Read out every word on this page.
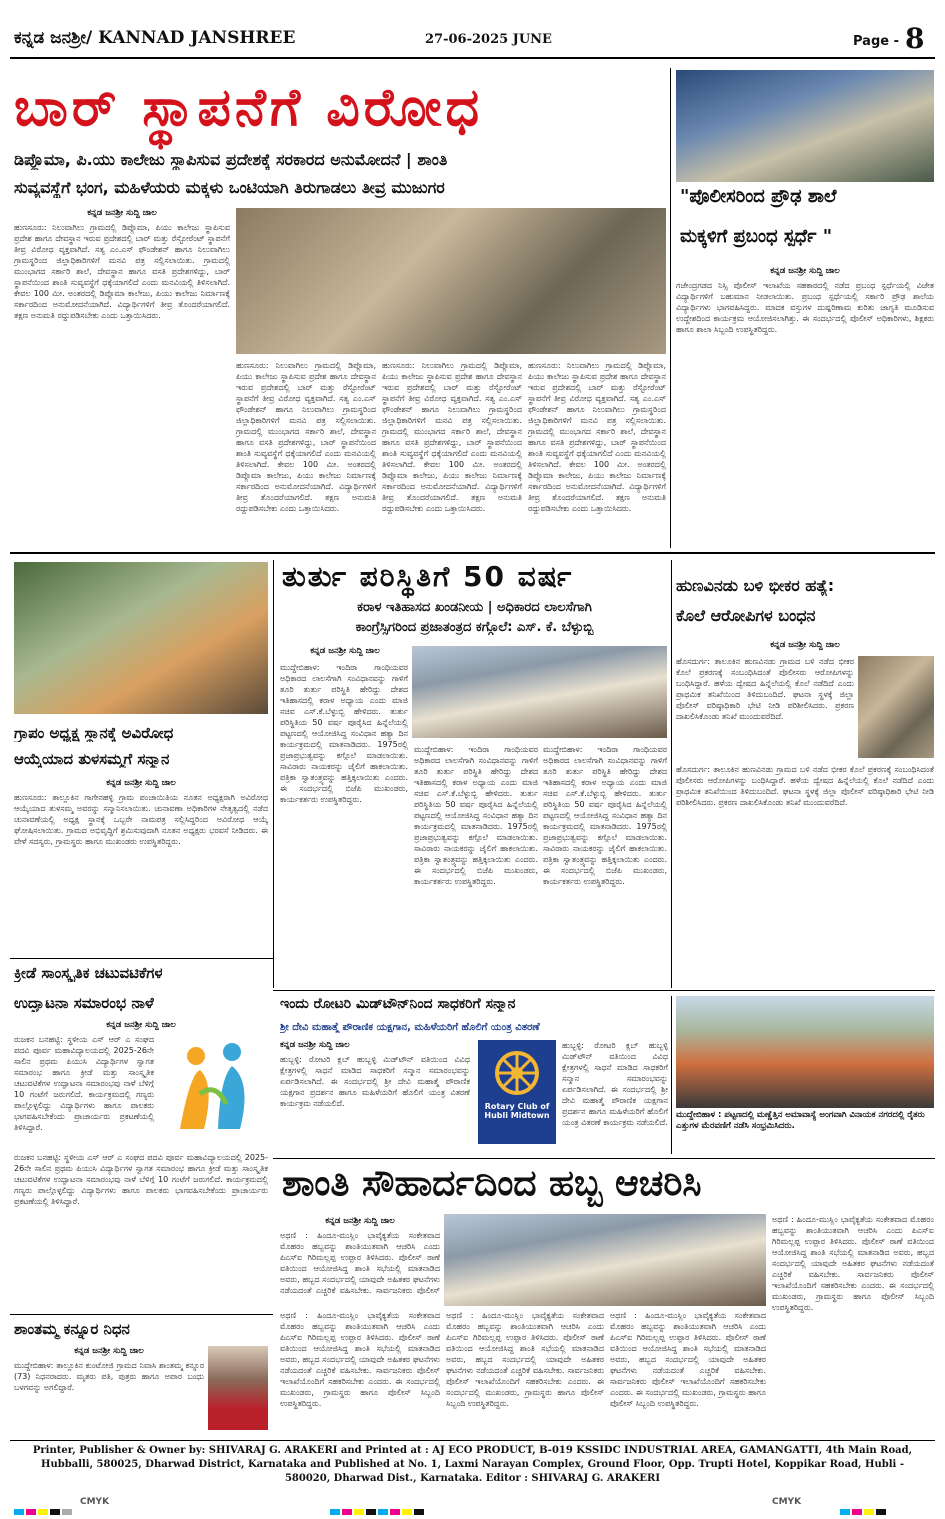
ಕನ್ನಡ ಜನಶ್ರೀ/ KANNAD JANSHREE	27-06-2025 JUNE	Page - 8
ಬಾರ್ ಸ್ಥಾಪನೆಗೆ ವಿರೋಧ
ಡಿಪ್ಲೊಮಾ, ಪಿ.ಯು ಕಾಲೇಜು ಸ್ಥಾಪಿಸುವ ಪ್ರದೇಶಕ್ಕೆ ಸರಕಾರದ ಅನುಮೋದನೆ | ಶಾಂತಿ
ಸುವ್ಯವಸ್ಥೆಗೆ ಭಂಗ, ಮಹಿಳೆಯರು ಮಕ್ಕಳು ಒಂಟಿಯಾಗಿ ತಿರುಗಾಡಲು ತೀವ್ರ ಮುಜುಗರ
ಕನ್ನಡ ಜನಶ್ರೀ ಸುದ್ದಿ ಜಾಲ
ಹುಣಸೂರು: ನಿಲುವಾಗಿಲು ಗ್ರಾಮದಲ್ಲಿ ಡಿಪ್ಲೊಮಾ, ಪಿಯು ಕಾಲೇಜು ಸ್ಥಾಪಿಸುವ ಪ್ರದೇಶ ಹಾಗೂ ದೇವಸ್ಥಾನ ಇರುವ ಪ್ರದೇಶದಲ್ಲಿ ಬಾರ್ ಮತ್ತು ರೆಸ್ಟೋರೆಂಟ್ ಸ್ಥಾಪನೆಗೆ ತೀವ್ರ ವಿರೋಧ ವ್ಯಕ್ತವಾಗಿದೆ. ಸತ್ಯ ಎಂ.ಎಸ್ ಫೌಂಡೇಶನ್ ಹಾಗೂ ನಿಲುವಾಗಿಲು ಗ್ರಾಮಸ್ಥರಿಂದ ಜಿಲ್ಲಾಧಿಕಾರಿಗಳಿಗೆ ಮನವಿ ಪತ್ರ ಸಲ್ಲಿಸಲಾಯಿತು. ಗ್ರಾಮದಲ್ಲಿ ಮುಂಭಾಗದ ಸರ್ಕಾರಿ ಶಾಲೆ, ದೇವಸ್ಥಾನ ಹಾಗೂ ವಸತಿ ಪ್ರದೇಶಗಳಿದ್ದು, ಬಾರ್ ಸ್ಥಾಪನೆಯಿಂದ ಶಾಂತಿ ಸುವ್ಯವಸ್ಥೆಗೆ ಧಕ್ಕೆಯಾಗಲಿದೆ ಎಂದು ಮನವಿಯಲ್ಲಿ ತಿಳಿಸಲಾಗಿದೆ. ಕೇವಲ 100 ಮೀ. ಅಂತರದಲ್ಲಿ ಡಿಪ್ಲೊಮಾ ಕಾಲೇಜು, ಪಿಯು ಕಾಲೇಜು ನಿರ್ಮಾಣಕ್ಕೆ ಸರ್ಕಾರದಿಂದ ಅನುಮೋದನೆಯಾಗಿದೆ. ವಿದ್ಯಾರ್ಥಿಗಳಿಗೆ ತೀವ್ರ ತೊಂದರೆಯಾಗಲಿದೆ. ತಕ್ಷಣ ಅನುಮತಿ ರದ್ದುಪಡಿಸಬೇಕು ಎಂದು ಒತ್ತಾಯಿಸಿದರು.
ಹುಣಸೂರು: ನಿಲುವಾಗಿಲು ಗ್ರಾಮದಲ್ಲಿ ಡಿಪ್ಲೊಮಾ, ಪಿಯು ಕಾಲೇಜು ಸ್ಥಾಪಿಸುವ ಪ್ರದೇಶ ಹಾಗೂ ದೇವಸ್ಥಾನ ಇರುವ ಪ್ರದೇಶದಲ್ಲಿ ಬಾರ್ ಮತ್ತು ರೆಸ್ಟೋರೆಂಟ್ ಸ್ಥಾಪನೆಗೆ ತೀವ್ರ ವಿರೋಧ ವ್ಯಕ್ತವಾಗಿದೆ. ಸತ್ಯ ಎಂ.ಎಸ್ ಫೌಂಡೇಶನ್ ಹಾಗೂ ನಿಲುವಾಗಿಲು ಗ್ರಾಮಸ್ಥರಿಂದ ಜಿಲ್ಲಾಧಿಕಾರಿಗಳಿಗೆ ಮನವಿ ಪತ್ರ ಸಲ್ಲಿಸಲಾಯಿತು. ಗ್ರಾಮದಲ್ಲಿ ಮುಂಭಾಗದ ಸರ್ಕಾರಿ ಶಾಲೆ, ದೇವಸ್ಥಾನ ಹಾಗೂ ವಸತಿ ಪ್ರದೇಶಗಳಿದ್ದು, ಬಾರ್ ಸ್ಥಾಪನೆಯಿಂದ ಶಾಂತಿ ಸುವ್ಯವಸ್ಥೆಗೆ ಧಕ್ಕೆಯಾಗಲಿದೆ ಎಂದು ಮನವಿಯಲ್ಲಿ ತಿಳಿಸಲಾಗಿದೆ. ಕೇವಲ 100 ಮೀ. ಅಂತರದಲ್ಲಿ ಡಿಪ್ಲೊಮಾ ಕಾಲೇಜು, ಪಿಯು ಕಾಲೇಜು ನಿರ್ಮಾಣಕ್ಕೆ ಸರ್ಕಾರದಿಂದ ಅನುಮೋದನೆಯಾಗಿದೆ. ವಿದ್ಯಾರ್ಥಿಗಳಿಗೆ ತೀವ್ರ ತೊಂದರೆಯಾಗಲಿದೆ. ತಕ್ಷಣ ಅನುಮತಿ ರದ್ದುಪಡಿಸಬೇಕು ಎಂದು ಒತ್ತಾಯಿಸಿದರು.
ಹುಣಸೂರು: ನಿಲುವಾಗಿಲು ಗ್ರಾಮದಲ್ಲಿ ಡಿಪ್ಲೊಮಾ, ಪಿಯು ಕಾಲೇಜು ಸ್ಥಾಪಿಸುವ ಪ್ರದೇಶ ಹಾಗೂ ದೇವಸ್ಥಾನ ಇರುವ ಪ್ರದೇಶದಲ್ಲಿ ಬಾರ್ ಮತ್ತು ರೆಸ್ಟೋರೆಂಟ್ ಸ್ಥಾಪನೆಗೆ ತೀವ್ರ ವಿರೋಧ ವ್ಯಕ್ತವಾಗಿದೆ. ಸತ್ಯ ಎಂ.ಎಸ್ ಫೌಂಡೇಶನ್ ಹಾಗೂ ನಿಲುವಾಗಿಲು ಗ್ರಾಮಸ್ಥರಿಂದ ಜಿಲ್ಲಾಧಿಕಾರಿಗಳಿಗೆ ಮನವಿ ಪತ್ರ ಸಲ್ಲಿಸಲಾಯಿತು. ಗ್ರಾಮದಲ್ಲಿ ಮುಂಭಾಗದ ಸರ್ಕಾರಿ ಶಾಲೆ, ದೇವಸ್ಥಾನ ಹಾಗೂ ವಸತಿ ಪ್ರದೇಶಗಳಿದ್ದು, ಬಾರ್ ಸ್ಥಾಪನೆಯಿಂದ ಶಾಂತಿ ಸುವ್ಯವಸ್ಥೆಗೆ ಧಕ್ಕೆಯಾಗಲಿದೆ ಎಂದು ಮನವಿಯಲ್ಲಿ ತಿಳಿಸಲಾಗಿದೆ. ಕೇವಲ 100 ಮೀ. ಅಂತರದಲ್ಲಿ ಡಿಪ್ಲೊಮಾ ಕಾಲೇಜು, ಪಿಯು ಕಾಲೇಜು ನಿರ್ಮಾಣಕ್ಕೆ ಸರ್ಕಾರದಿಂದ ಅನುಮೋದನೆಯಾಗಿದೆ. ವಿದ್ಯಾರ್ಥಿಗಳಿಗೆ ತೀವ್ರ ತೊಂದರೆಯಾಗಲಿದೆ. ತಕ್ಷಣ ಅನುಮತಿ ರದ್ದುಪಡಿಸಬೇಕು ಎಂದು ಒತ್ತಾಯಿಸಿದರು.
ಹುಣಸೂರು: ನಿಲುವಾಗಿಲು ಗ್ರಾಮದಲ್ಲಿ ಡಿಪ್ಲೊಮಾ, ಪಿಯು ಕಾಲೇಜು ಸ್ಥಾಪಿಸುವ ಪ್ರದೇಶ ಹಾಗೂ ದೇವಸ್ಥಾನ ಇರುವ ಪ್ರದೇಶದಲ್ಲಿ ಬಾರ್ ಮತ್ತು ರೆಸ್ಟೋರೆಂಟ್ ಸ್ಥಾಪನೆಗೆ ತೀವ್ರ ವಿರೋಧ ವ್ಯಕ್ತವಾಗಿದೆ. ಸತ್ಯ ಎಂ.ಎಸ್ ಫೌಂಡೇಶನ್ ಹಾಗೂ ನಿಲುವಾಗಿಲು ಗ್ರಾಮಸ್ಥರಿಂದ ಜಿಲ್ಲಾಧಿಕಾರಿಗಳಿಗೆ ಮನವಿ ಪತ್ರ ಸಲ್ಲಿಸಲಾಯಿತು. ಗ್ರಾಮದಲ್ಲಿ ಮುಂಭಾಗದ ಸರ್ಕಾರಿ ಶಾಲೆ, ದೇವಸ್ಥಾನ ಹಾಗೂ ವಸತಿ ಪ್ರದೇಶಗಳಿದ್ದು, ಬಾರ್ ಸ್ಥಾಪನೆಯಿಂದ ಶಾಂತಿ ಸುವ್ಯವಸ್ಥೆಗೆ ಧಕ್ಕೆಯಾಗಲಿದೆ ಎಂದು ಮನವಿಯಲ್ಲಿ ತಿಳಿಸಲಾಗಿದೆ. ಕೇವಲ 100 ಮೀ. ಅಂತರದಲ್ಲಿ ಡಿಪ್ಲೊಮಾ ಕಾಲೇಜು, ಪಿಯು ಕಾಲೇಜು ನಿರ್ಮಾಣಕ್ಕೆ ಸರ್ಕಾರದಿಂದ ಅನುಮೋದನೆಯಾಗಿದೆ. ವಿದ್ಯಾರ್ಥಿಗಳಿಗೆ ತೀವ್ರ ತೊಂದರೆಯಾಗಲಿದೆ. ತಕ್ಷಣ ಅನುಮತಿ ರದ್ದುಪಡಿಸಬೇಕು ಎಂದು ಒತ್ತಾಯಿಸಿದರು.
"ಪೊಲೀಸರಿಂದ ಪ್ರೌಢ ಶಾಲೆ
ಮಕ್ಕಳಿಗೆ ಪ್ರಬಂಧ ಸ್ಪರ್ಧೆ "
ಕನ್ನಡ ಜನಶ್ರೀ ಸುದ್ದಿ ಜಾಲ
ಗಜೇಂದ್ರಗಡದ ನಿಸ್ಸಿ ಪೊಲೀಸ್ ಇಲಾಖೆಯ ಸಹಕಾರದಲ್ಲಿ ನಡೆದ ಪ್ರಬಂಧ ಸ್ಪರ್ಧೆಯಲ್ಲಿ ವಿಜೇತ ವಿದ್ಯಾರ್ಥಿಗಳಿಗೆ ಬಹುಮಾನ ನೀಡಲಾಯಿತು. ಪ್ರಬಂಧ ಸ್ಪರ್ಧೆಯಲ್ಲಿ ಸರ್ಕಾರಿ ಪ್ರೌಢ ಶಾಲೆಯ ವಿದ್ಯಾರ್ಥಿಗಳು ಭಾಗವಹಿಸಿದ್ದರು. ಮಾದಕ ವಸ್ತುಗಳ ದುಷ್ಪರಿಣಾಮ ಕುರಿತು ಜಾಗೃತಿ ಮೂಡಿಸುವ ಉದ್ದೇಶದಿಂದ ಕಾರ್ಯಕ್ರಮ ಆಯೋಜಿಸಲಾಗಿತ್ತು. ಈ ಸಂದರ್ಭದಲ್ಲಿ ಪೊಲೀಸ್ ಅಧಿಕಾರಿಗಳು, ಶಿಕ್ಷಕರು ಹಾಗೂ ಶಾಲಾ ಸಿಬ್ಬಂದಿ ಉಪಸ್ಥಿತರಿದ್ದರು.
ಗ್ರಾಪಂ ಅಧ್ಯಕ್ಷ ಸ್ಥಾನಕ್ಕೆ ಅವಿರೋಧ
ಆಯ್ಕೆಯಾದ ತುಳಸಮ್ಮಗೆ ಸನ್ಮಾನ
ಕನ್ನಡ ಜನಶ್ರೀ ಸುದ್ದಿ ಜಾಲ
ಹುಣಸೂರು: ತಾಲ್ಲೂಕಿನ ಗಾಗೇನಹಳ್ಳಿ ಗ್ರಾಮ ಪಂಚಾಯಿತಿಯ ನೂತನ ಅಧ್ಯಕ್ಷರಾಗಿ ಅವಿರೋಧ ಆಯ್ಕೆಯಾದ ತುಳಸಮ್ಮ ಅವರನ್ನು ಸನ್ಮಾನಿಸಲಾಯಿತು. ಚುನಾವಣಾ ಅಧಿಕಾರಿಗಳ ನೇತೃತ್ವದಲ್ಲಿ ನಡೆದ ಚುನಾವಣೆಯಲ್ಲಿ ಅಧ್ಯಕ್ಷ ಸ್ಥಾನಕ್ಕೆ ಒಬ್ಬರೇ ನಾಮಪತ್ರ ಸಲ್ಲಿಸಿದ್ದರಿಂದ ಅವಿರೋಧ ಆಯ್ಕೆ ಘೋಷಿಸಲಾಯಿತು. ಗ್ರಾಮದ ಅಭಿವೃದ್ಧಿಗೆ ಶ್ರಮಿಸುವುದಾಗಿ ನೂತನ ಅಧ್ಯಕ್ಷರು ಭರವಸೆ ನೀಡಿದರು. ಈ ವೇಳೆ ಸದಸ್ಯರು, ಗ್ರಾಮಸ್ಥರು ಹಾಗೂ ಮುಖಂಡರು ಉಪಸ್ಥಿತರಿದ್ದರು.
ತುರ್ತು ಪರಿಸ್ಥಿತಿಗೆ 50 ವರ್ಷ
ಕರಾಳ ಇತಿಹಾಸದ ಖಂಡನೀಯ | ಅಧಿಕಾರದ ಲಾಲಸೆಗಾಗಿ
ಕಾಂಗ್ರೆಸ್ಸಿಗರಿಂದ ಪ್ರಜಾತಂತ್ರದ ಕಗ್ಗೊಲೆ: ಎಸ್. ಕೆ. ಬೆಳ್ಳುಬ್ಬಿ
ಕನ್ನಡ ಜನಶ್ರೀ ಸುದ್ದಿ ಜಾಲ
ಮುದ್ದೇಬಿಹಾಳ: ಇಂದಿರಾ ಗಾಂಧಿಯವರ ಅಧಿಕಾರದ ಲಾಲಸೆಗಾಗಿ ಸಂವಿಧಾನವನ್ನು ಗಾಳಿಗೆ ತೂರಿ ತುರ್ತು ಪರಿಸ್ಥಿತಿ ಹೇರಿದ್ದು ದೇಶದ ಇತಿಹಾಸದಲ್ಲಿ ಕರಾಳ ಅಧ್ಯಾಯ ಎಂದು ಮಾಜಿ ಸಚಿವ ಎಸ್.ಕೆ.ಬೆಳ್ಳುಬ್ಬಿ ಹೇಳಿದರು. ತುರ್ತು ಪರಿಸ್ಥಿತಿಯ 50 ವರ್ಷ ಪೂರೈಸಿದ ಹಿನ್ನೆಲೆಯಲ್ಲಿ ಪಟ್ಟಣದಲ್ಲಿ ಆಯೋಜಿಸಿದ್ದ ಸಂವಿಧಾನ ಹತ್ಯಾ ದಿನ ಕಾರ್ಯಕ್ರಮದಲ್ಲಿ ಮಾತನಾಡಿದರು. 1975ರಲ್ಲಿ ಪ್ರಜಾಪ್ರಭುತ್ವವನ್ನು ಕಗ್ಗೊಲೆ ಮಾಡಲಾಯಿತು. ಸಾವಿರಾರು ನಾಯಕರನ್ನು ಜೈಲಿಗೆ ಹಾಕಲಾಯಿತು. ಪತ್ರಿಕಾ ಸ್ವಾತಂತ್ರ್ಯವನ್ನು ಹತ್ತಿಕ್ಕಲಾಯಿತು ಎಂದರು. ಈ ಸಂದರ್ಭದಲ್ಲಿ ಬಿಜೆಪಿ ಮುಖಂಡರು, ಕಾರ್ಯಕರ್ತರು ಉಪಸ್ಥಿತರಿದ್ದರು.
ಮುದ್ದೇಬಿಹಾಳ: ಇಂದಿರಾ ಗಾಂಧಿಯವರ ಅಧಿಕಾರದ ಲಾಲಸೆಗಾಗಿ ಸಂವಿಧಾನವನ್ನು ಗಾಳಿಗೆ ತೂರಿ ತುರ್ತು ಪರಿಸ್ಥಿತಿ ಹೇರಿದ್ದು ದೇಶದ ಇತಿಹಾಸದಲ್ಲಿ ಕರಾಳ ಅಧ್ಯಾಯ ಎಂದು ಮಾಜಿ ಸಚಿವ ಎಸ್.ಕೆ.ಬೆಳ್ಳುಬ್ಬಿ ಹೇಳಿದರು. ತುರ್ತು ಪರಿಸ್ಥಿತಿಯ 50 ವರ್ಷ ಪೂರೈಸಿದ ಹಿನ್ನೆಲೆಯಲ್ಲಿ ಪಟ್ಟಣದಲ್ಲಿ ಆಯೋಜಿಸಿದ್ದ ಸಂವಿಧಾನ ಹತ್ಯಾ ದಿನ ಕಾರ್ಯಕ್ರಮದಲ್ಲಿ ಮಾತನಾಡಿದರು. 1975ರಲ್ಲಿ ಪ್ರಜಾಪ್ರಭುತ್ವವನ್ನು ಕಗ್ಗೊಲೆ ಮಾಡಲಾಯಿತು. ಸಾವಿರಾರು ನಾಯಕರನ್ನು ಜೈಲಿಗೆ ಹಾಕಲಾಯಿತು. ಪತ್ರಿಕಾ ಸ್ವಾತಂತ್ರ್ಯವನ್ನು ಹತ್ತಿಕ್ಕಲಾಯಿತು ಎಂದರು. ಈ ಸಂದರ್ಭದಲ್ಲಿ ಬಿಜೆಪಿ ಮುಖಂಡರು, ಕಾರ್ಯಕರ್ತರು ಉಪಸ್ಥಿತರಿದ್ದರು.
ಮುದ್ದೇಬಿಹಾಳ: ಇಂದಿರಾ ಗಾಂಧಿಯವರ ಅಧಿಕಾರದ ಲಾಲಸೆಗಾಗಿ ಸಂವಿಧಾನವನ್ನು ಗಾಳಿಗೆ ತೂರಿ ತುರ್ತು ಪರಿಸ್ಥಿತಿ ಹೇರಿದ್ದು ದೇಶದ ಇತಿಹಾಸದಲ್ಲಿ ಕರಾಳ ಅಧ್ಯಾಯ ಎಂದು ಮಾಜಿ ಸಚಿವ ಎಸ್.ಕೆ.ಬೆಳ್ಳುಬ್ಬಿ ಹೇಳಿದರು. ತುರ್ತು ಪರಿಸ್ಥಿತಿಯ 50 ವರ್ಷ ಪೂರೈಸಿದ ಹಿನ್ನೆಲೆಯಲ್ಲಿ ಪಟ್ಟಣದಲ್ಲಿ ಆಯೋಜಿಸಿದ್ದ ಸಂವಿಧಾನ ಹತ್ಯಾ ದಿನ ಕಾರ್ಯಕ್ರಮದಲ್ಲಿ ಮಾತನಾಡಿದರು. 1975ರಲ್ಲಿ ಪ್ರಜಾಪ್ರಭುತ್ವವನ್ನು ಕಗ್ಗೊಲೆ ಮಾಡಲಾಯಿತು. ಸಾವಿರಾರು ನಾಯಕರನ್ನು ಜೈಲಿಗೆ ಹಾಕಲಾಯಿತು. ಪತ್ರಿಕಾ ಸ್ವಾತಂತ್ರ್ಯವನ್ನು ಹತ್ತಿಕ್ಕಲಾಯಿತು ಎಂದರು. ಈ ಸಂದರ್ಭದಲ್ಲಿ ಬಿಜೆಪಿ ಮುಖಂಡರು, ಕಾರ್ಯಕರ್ತರು ಉಪಸ್ಥಿತರಿದ್ದರು.
ಹುಣವಿನಡು ಬಳಿ ಭೀಕರ ಹತ್ಯೆ:
ಕೊಲೆ ಆರೋಪಿಗಳ ಬಂಧನ
ಕನ್ನಡ ಜನಶ್ರೀ ಸುದ್ದಿ ಜಾಲ
ಹೊಸದುರ್ಗ: ತಾಲೂಕಿನ ಹುಣವಿನಡು ಗ್ರಾಮದ ಬಳಿ ನಡೆದ ಭೀಕರ ಕೊಲೆ ಪ್ರಕರಣಕ್ಕೆ ಸಂಬಂಧಿಸಿದಂತೆ ಪೊಲೀಸರು ಆರೋಪಿಗಳನ್ನು ಬಂಧಿಸಿದ್ದಾರೆ. ಹಳೆಯ ದ್ವೇಷದ ಹಿನ್ನೆಲೆಯಲ್ಲಿ ಕೊಲೆ ನಡೆದಿದೆ ಎಂದು ಪ್ರಾಥಮಿಕ ತನಿಖೆಯಿಂದ ತಿಳಿದುಬಂದಿದೆ. ಘಟನಾ ಸ್ಥಳಕ್ಕೆ ಜಿಲ್ಲಾ ಪೊಲೀಸ್ ವರಿಷ್ಠಾಧಿಕಾರಿ ಭೇಟಿ ನೀಡಿ ಪರಿಶೀಲಿಸಿದರು. ಪ್ರಕರಣ ದಾಖಲಿಸಿಕೊಂಡು ತನಿಖೆ ಮುಂದುವರೆದಿದೆ.
ಹೊಸದುರ್ಗ: ತಾಲೂಕಿನ ಹುಣವಿನಡು ಗ್ರಾಮದ ಬಳಿ ನಡೆದ ಭೀಕರ ಕೊಲೆ ಪ್ರಕರಣಕ್ಕೆ ಸಂಬಂಧಿಸಿದಂತೆ ಪೊಲೀಸರು ಆರೋಪಿಗಳನ್ನು ಬಂಧಿಸಿದ್ದಾರೆ. ಹಳೆಯ ದ್ವೇಷದ ಹಿನ್ನೆಲೆಯಲ್ಲಿ ಕೊಲೆ ನಡೆದಿದೆ ಎಂದು ಪ್ರಾಥಮಿಕ ತನಿಖೆಯಿಂದ ತಿಳಿದುಬಂದಿದೆ. ಘಟನಾ ಸ್ಥಳಕ್ಕೆ ಜಿಲ್ಲಾ ಪೊಲೀಸ್ ವರಿಷ್ಠಾಧಿಕಾರಿ ಭೇಟಿ ನೀಡಿ ಪರಿಶೀಲಿಸಿದರು. ಪ್ರಕರಣ ದಾಖಲಿಸಿಕೊಂಡು ತನಿಖೆ ಮುಂದುವರೆದಿದೆ.
ಕ್ರೀಡೆ ಸಾಂಸ್ಕೃತಿಕ ಚಟುವಟಿಕೆಗಳ
ಉದ್ಘಾಟನಾ ಸಮಾರಂಭ ನಾಳೆ
ಕನ್ನಡ ಜನಶ್ರೀ ಸುದ್ದಿ ಜಾಲ
ರುಜಕನ ಬನಹಟ್ಟಿ: ಸ್ಥಳೀಯ ಎಸ್ ಆರ್ ಎ ಸಂಘದ ಪದವಿ ಪೂರ್ವ ಮಹಾವಿದ್ಯಾಲಯದಲ್ಲಿ 2025-26ನೇ ಸಾಲಿನ ಪ್ರಥಮ ಪಿಯುಸಿ ವಿದ್ಯಾರ್ಥಿಗಳ ಸ್ವಾಗತ ಸಮಾರಂಭ ಹಾಗೂ ಕ್ರೀಡೆ ಮತ್ತು ಸಾಂಸ್ಕೃತಿಕ ಚಟುವಟಿಕೆಗಳ ಉದ್ಘಾಟನಾ ಸಮಾರಂಭವು ನಾಳೆ ಬೆಳಿಗ್ಗೆ 10 ಗಂಟೆಗೆ ಜರುಗಲಿದೆ. ಕಾರ್ಯಕ್ರಮದಲ್ಲಿ ಗಣ್ಯರು ಪಾಲ್ಗೊಳ್ಳಲಿದ್ದು ವಿದ್ಯಾರ್ಥಿಗಳು ಹಾಗೂ ಪಾಲಕರು ಭಾಗವಹಿಸಬೇಕೆಂದು ಪ್ರಾಚಾರ್ಯರು ಪ್ರಕಟಣೆಯಲ್ಲಿ ತಿಳಿಸಿದ್ದಾರೆ.
ರುಜಕನ ಬನಹಟ್ಟಿ: ಸ್ಥಳೀಯ ಎಸ್ ಆರ್ ಎ ಸಂಘದ ಪದವಿ ಪೂರ್ವ ಮಹಾವಿದ್ಯಾಲಯದಲ್ಲಿ 2025-26ನೇ ಸಾಲಿನ ಪ್ರಥಮ ಪಿಯುಸಿ ವಿದ್ಯಾರ್ಥಿಗಳ ಸ್ವಾಗತ ಸಮಾರಂಭ ಹಾಗೂ ಕ್ರೀಡೆ ಮತ್ತು ಸಾಂಸ್ಕೃತಿಕ ಚಟುವಟಿಕೆಗಳ ಉದ್ಘಾಟನಾ ಸಮಾರಂಭವು ನಾಳೆ ಬೆಳಿಗ್ಗೆ 10 ಗಂಟೆಗೆ ಜರುಗಲಿದೆ. ಕಾರ್ಯಕ್ರಮದಲ್ಲಿ ಗಣ್ಯರು ಪಾಲ್ಗೊಳ್ಳಲಿದ್ದು ವಿದ್ಯಾರ್ಥಿಗಳು ಹಾಗೂ ಪಾಲಕರು ಭಾಗವಹಿಸಬೇಕೆಂದು ಪ್ರಾಚಾರ್ಯರು ಪ್ರಕಟಣೆಯಲ್ಲಿ ತಿಳಿಸಿದ್ದಾರೆ.
ಶಾಂತಮ್ಮ ಕನ್ನೂರ ನಿಧನ
ಕನ್ನಡ ಜನಶ್ರೀ ಸುದ್ದಿ ಜಾಲ
ಮುದ್ದೇಬಿಹಾಳ: ತಾಲ್ಲೂಕಿನ ಕುಂಟೋಜಿ ಗ್ರಾಮದ ನಿವಾಸಿ ಶಾಂತಮ್ಮ ಕನ್ನೂರ (73) ನಿಧನರಾದರು. ಮೃತರು ಪತಿ, ಪುತ್ರರು ಹಾಗೂ ಅಪಾರ ಬಂಧು ಬಳಗವನ್ನು ಅಗಲಿದ್ದಾರೆ.
ಇಂದು ರೋಟರಿ ಮಿಡ್‌ಟೌನ್‌ನಿಂದ ಸಾಧಕರಿಗೆ ಸನ್ಮಾನ
ಶ್ರೀ ದೇವಿ ಮಹಾತ್ಮೆ ಪೌರಾಣಿಕ ಯಕ್ಷಗಾನ, ಮಹಿಳೆಯರಿಗೆ ಹೊಲಿಗೆ ಯಂತ್ರ ವಿತರಣೆ
ಕನ್ನಡ ಜನಶ್ರೀ ಸುದ್ದಿ ಜಾಲ
ಹುಬ್ಬಳ್ಳಿ: ರೋಟರಿ ಕ್ಲಬ್ ಹುಬ್ಬಳ್ಳಿ ಮಿಡ್‌ಟೌನ್ ವತಿಯಿಂದ ವಿವಿಧ ಕ್ಷೇತ್ರಗಳಲ್ಲಿ ಸಾಧನೆ ಮಾಡಿದ ಸಾಧಕರಿಗೆ ಸನ್ಮಾನ ಸಮಾರಂಭವನ್ನು ಏರ್ಪಡಿಸಲಾಗಿದೆ. ಈ ಸಂದರ್ಭದಲ್ಲಿ ಶ್ರೀ ದೇವಿ ಮಹಾತ್ಮೆ ಪೌರಾಣಿಕ ಯಕ್ಷಗಾನ ಪ್ರದರ್ಶನ ಹಾಗೂ ಮಹಿಳೆಯರಿಗೆ ಹೊಲಿಗೆ ಯಂತ್ರ ವಿತರಣೆ ಕಾರ್ಯಕ್ರಮ ನಡೆಯಲಿದೆ.	Rotary Club of
Hubli Midtown
ಹುಬ್ಬಳ್ಳಿ: ರೋಟರಿ ಕ್ಲಬ್ ಹುಬ್ಬಳ್ಳಿ ಮಿಡ್‌ಟೌನ್ ವತಿಯಿಂದ ವಿವಿಧ ಕ್ಷೇತ್ರಗಳಲ್ಲಿ ಸಾಧನೆ ಮಾಡಿದ ಸಾಧಕರಿಗೆ ಸನ್ಮಾನ ಸಮಾರಂಭವನ್ನು ಏರ್ಪಡಿಸಲಾಗಿದೆ. ಈ ಸಂದರ್ಭದಲ್ಲಿ ಶ್ರೀ ದೇವಿ ಮಹಾತ್ಮೆ ಪೌರಾಣಿಕ ಯಕ್ಷಗಾನ ಪ್ರದರ್ಶನ ಹಾಗೂ ಮಹಿಳೆಯರಿಗೆ ಹೊಲಿಗೆ ಯಂತ್ರ ವಿತರಣೆ ಕಾರ್ಯಕ್ರಮ ನಡೆಯಲಿದೆ.
ಮುದ್ದೇಬಿಹಾಳ : ಪಟ್ಟಣದಲ್ಲಿ ಮಣ್ಣೆತ್ತಿನ ಅಮಾವಾಸ್ಯೆ ಅಂಗವಾಗಿ ವಿನಾಯಕ ನಗರದಲ್ಲಿ ರೈತರು ಎತ್ತುಗಳ ಮೆರವಣಿಗೆ ನಡೆಸಿ ಸಂಭ್ರಮಿಸಿದರು.
ಶಾಂತಿ ಸೌಹಾರ್ದದಿಂದ ಹಬ್ಬ ಆಚರಿಸಿ
ಕನ್ನಡ ಜನಶ್ರೀ ಸುದ್ದಿ ಜಾಲ
ಅಥಣಿ : ಹಿಂದೂ-ಮುಸ್ಲಿಂ ಭಾವೈಕ್ಯತೆಯ ಸಂಕೇತವಾದ ಮೊಹರಂ ಹಬ್ಬವನ್ನು ಶಾಂತಿಯುತವಾಗಿ ಆಚರಿಸಿ ಎಂದು ಪಿಎಸ್ಐ ಗಿರಿಮಲ್ಲಪ್ಪ ಉಪ್ಪಾರ ತಿಳಿಸಿದರು. ಪೊಲೀಸ್ ಠಾಣೆ ವತಿಯಿಂದ ಆಯೋಜಿಸಿದ್ದ ಶಾಂತಿ ಸಭೆಯಲ್ಲಿ ಮಾತನಾಡಿದ ಅವರು, ಹಬ್ಬದ ಸಂದರ್ಭದಲ್ಲಿ ಯಾವುದೇ ಅಹಿತಕರ ಘಟನೆಗಳು ನಡೆಯದಂತೆ ಎಚ್ಚರಿಕೆ ವಹಿಸಬೇಕು. ಸಾರ್ವಜನಿಕರು ಪೊಲೀಸ್
ಅಥಣಿ : ಹಿಂದೂ-ಮುಸ್ಲಿಂ ಭಾವೈಕ್ಯತೆಯ ಸಂಕೇತವಾದ ಮೊಹರಂ ಹಬ್ಬವನ್ನು ಶಾಂತಿಯುತವಾಗಿ ಆಚರಿಸಿ ಎಂದು ಪಿಎಸ್ಐ ಗಿರಿಮಲ್ಲಪ್ಪ ಉಪ್ಪಾರ ತಿಳಿಸಿದರು. ಪೊಲೀಸ್ ಠಾಣೆ ವತಿಯಿಂದ ಆಯೋಜಿಸಿದ್ದ ಶಾಂತಿ ಸಭೆಯಲ್ಲಿ ಮಾತನಾಡಿದ ಅವರು, ಹಬ್ಬದ ಸಂದರ್ಭದಲ್ಲಿ ಯಾವುದೇ ಅಹಿತಕರ ಘಟನೆಗಳು ನಡೆಯದಂತೆ ಎಚ್ಚರಿಕೆ ವಹಿಸಬೇಕು. ಸಾರ್ವಜನಿಕರು ಪೊಲೀಸ್ ಇಲಾಖೆಯೊಂದಿಗೆ ಸಹಕರಿಸಬೇಕು ಎಂದರು. ಈ ಸಂದರ್ಭದಲ್ಲಿ ಮುಖಂಡರು, ಗ್ರಾಮಸ್ಥರು ಹಾಗೂ ಪೊಲೀಸ್ ಸಿಬ್ಬಂದಿ ಉಪಸ್ಥಿತರಿದ್ದರು.
ಅಥಣಿ : ಹಿಂದೂ-ಮುಸ್ಲಿಂ ಭಾವೈಕ್ಯತೆಯ ಸಂಕೇತವಾದ ಮೊಹರಂ ಹಬ್ಬವನ್ನು ಶಾಂತಿಯುತವಾಗಿ ಆಚರಿಸಿ ಎಂದು ಪಿಎಸ್ಐ ಗಿರಿಮಲ್ಲಪ್ಪ ಉಪ್ಪಾರ ತಿಳಿಸಿದರು. ಪೊಲೀಸ್ ಠಾಣೆ ವತಿಯಿಂದ ಆಯೋಜಿಸಿದ್ದ ಶಾಂತಿ ಸಭೆಯಲ್ಲಿ ಮಾತನಾಡಿದ ಅವರು, ಹಬ್ಬದ ಸಂದರ್ಭದಲ್ಲಿ ಯಾವುದೇ ಅಹಿತಕರ ಘಟನೆಗಳು ನಡೆಯದಂತೆ ಎಚ್ಚರಿಕೆ ವಹಿಸಬೇಕು. ಸಾರ್ವಜನಿಕರು ಪೊಲೀಸ್ ಇಲಾಖೆಯೊಂದಿಗೆ ಸಹಕರಿಸಬೇಕು ಎಂದರು. ಈ ಸಂದರ್ಭದಲ್ಲಿ ಮುಖಂಡರು, ಗ್ರಾಮಸ್ಥರು ಹಾಗೂ ಪೊಲೀಸ್ ಸಿಬ್ಬಂದಿ ಉಪಸ್ಥಿತರಿದ್ದರು.
ಅಥಣಿ : ಹಿಂದೂ-ಮುಸ್ಲಿಂ ಭಾವೈಕ್ಯತೆಯ ಸಂಕೇತವಾದ ಮೊಹರಂ ಹಬ್ಬವನ್ನು ಶಾಂತಿಯುತವಾಗಿ ಆಚರಿಸಿ ಎಂದು ಪಿಎಸ್ಐ ಗಿರಿಮಲ್ಲಪ್ಪ ಉಪ್ಪಾರ ತಿಳಿಸಿದರು. ಪೊಲೀಸ್ ಠಾಣೆ ವತಿಯಿಂದ ಆಯೋಜಿಸಿದ್ದ ಶಾಂತಿ ಸಭೆಯಲ್ಲಿ ಮಾತನಾಡಿದ ಅವರು, ಹಬ್ಬದ ಸಂದರ್ಭದಲ್ಲಿ ಯಾವುದೇ ಅಹಿತಕರ ಘಟನೆಗಳು ನಡೆಯದಂತೆ ಎಚ್ಚರಿಕೆ ವಹಿಸಬೇಕು. ಸಾರ್ವಜನಿಕರು ಪೊಲೀಸ್ ಇಲಾಖೆಯೊಂದಿಗೆ ಸಹಕರಿಸಬೇಕು ಎಂದರು. ಈ ಸಂದರ್ಭದಲ್ಲಿ ಮುಖಂಡರು, ಗ್ರಾಮಸ್ಥರು ಹಾಗೂ ಪೊಲೀಸ್ ಸಿಬ್ಬಂದಿ ಉಪಸ್ಥಿತರಿದ್ದರು.
ಅಥಣಿ : ಹಿಂದೂ-ಮುಸ್ಲಿಂ ಭಾವೈಕ್ಯತೆಯ ಸಂಕೇತವಾದ ಮೊಹರಂ ಹಬ್ಬವನ್ನು ಶಾಂತಿಯುತವಾಗಿ ಆಚರಿಸಿ ಎಂದು ಪಿಎಸ್ಐ ಗಿರಿಮಲ್ಲಪ್ಪ ಉಪ್ಪಾರ ತಿಳಿಸಿದರು. ಪೊಲೀಸ್ ಠಾಣೆ ವತಿಯಿಂದ ಆಯೋಜಿಸಿದ್ದ ಶಾಂತಿ ಸಭೆಯಲ್ಲಿ ಮಾತನಾಡಿದ ಅವರು, ಹಬ್ಬದ ಸಂದರ್ಭದಲ್ಲಿ ಯಾವುದೇ ಅಹಿತಕರ ಘಟನೆಗಳು ನಡೆಯದಂತೆ ಎಚ್ಚರಿಕೆ ವಹಿಸಬೇಕು. ಸಾರ್ವಜನಿಕರು ಪೊಲೀಸ್ ಇಲಾಖೆಯೊಂದಿಗೆ ಸಹಕರಿಸಬೇಕು ಎಂದರು. ಈ ಸಂದರ್ಭದಲ್ಲಿ ಮುಖಂಡರು, ಗ್ರಾಮಸ್ಥರು ಹಾಗೂ ಪೊಲೀಸ್ ಸಿಬ್ಬಂದಿ ಉಪಸ್ಥಿತರಿದ್ದರು.
Printer, Publisher & Owner by: SHIVARAJ G. ARAKERI and Printed at : AJ ECO PRODUCT, B-019 KSSIDC INDUSTRIAL AREA, GAMANGATTI, 4th Main Road, Hubballi, 580025, Dharwad District, Karnataka and Published at No. 1, Laxmi Narayan Complex, Ground Floor, Opp. Trupti Hotel, Koppikar Road, Hubli - 580020, Dharwad Dist., Karnataka. Editor : SHIVARAJ G. ARAKERI
CMYK	CMYK
